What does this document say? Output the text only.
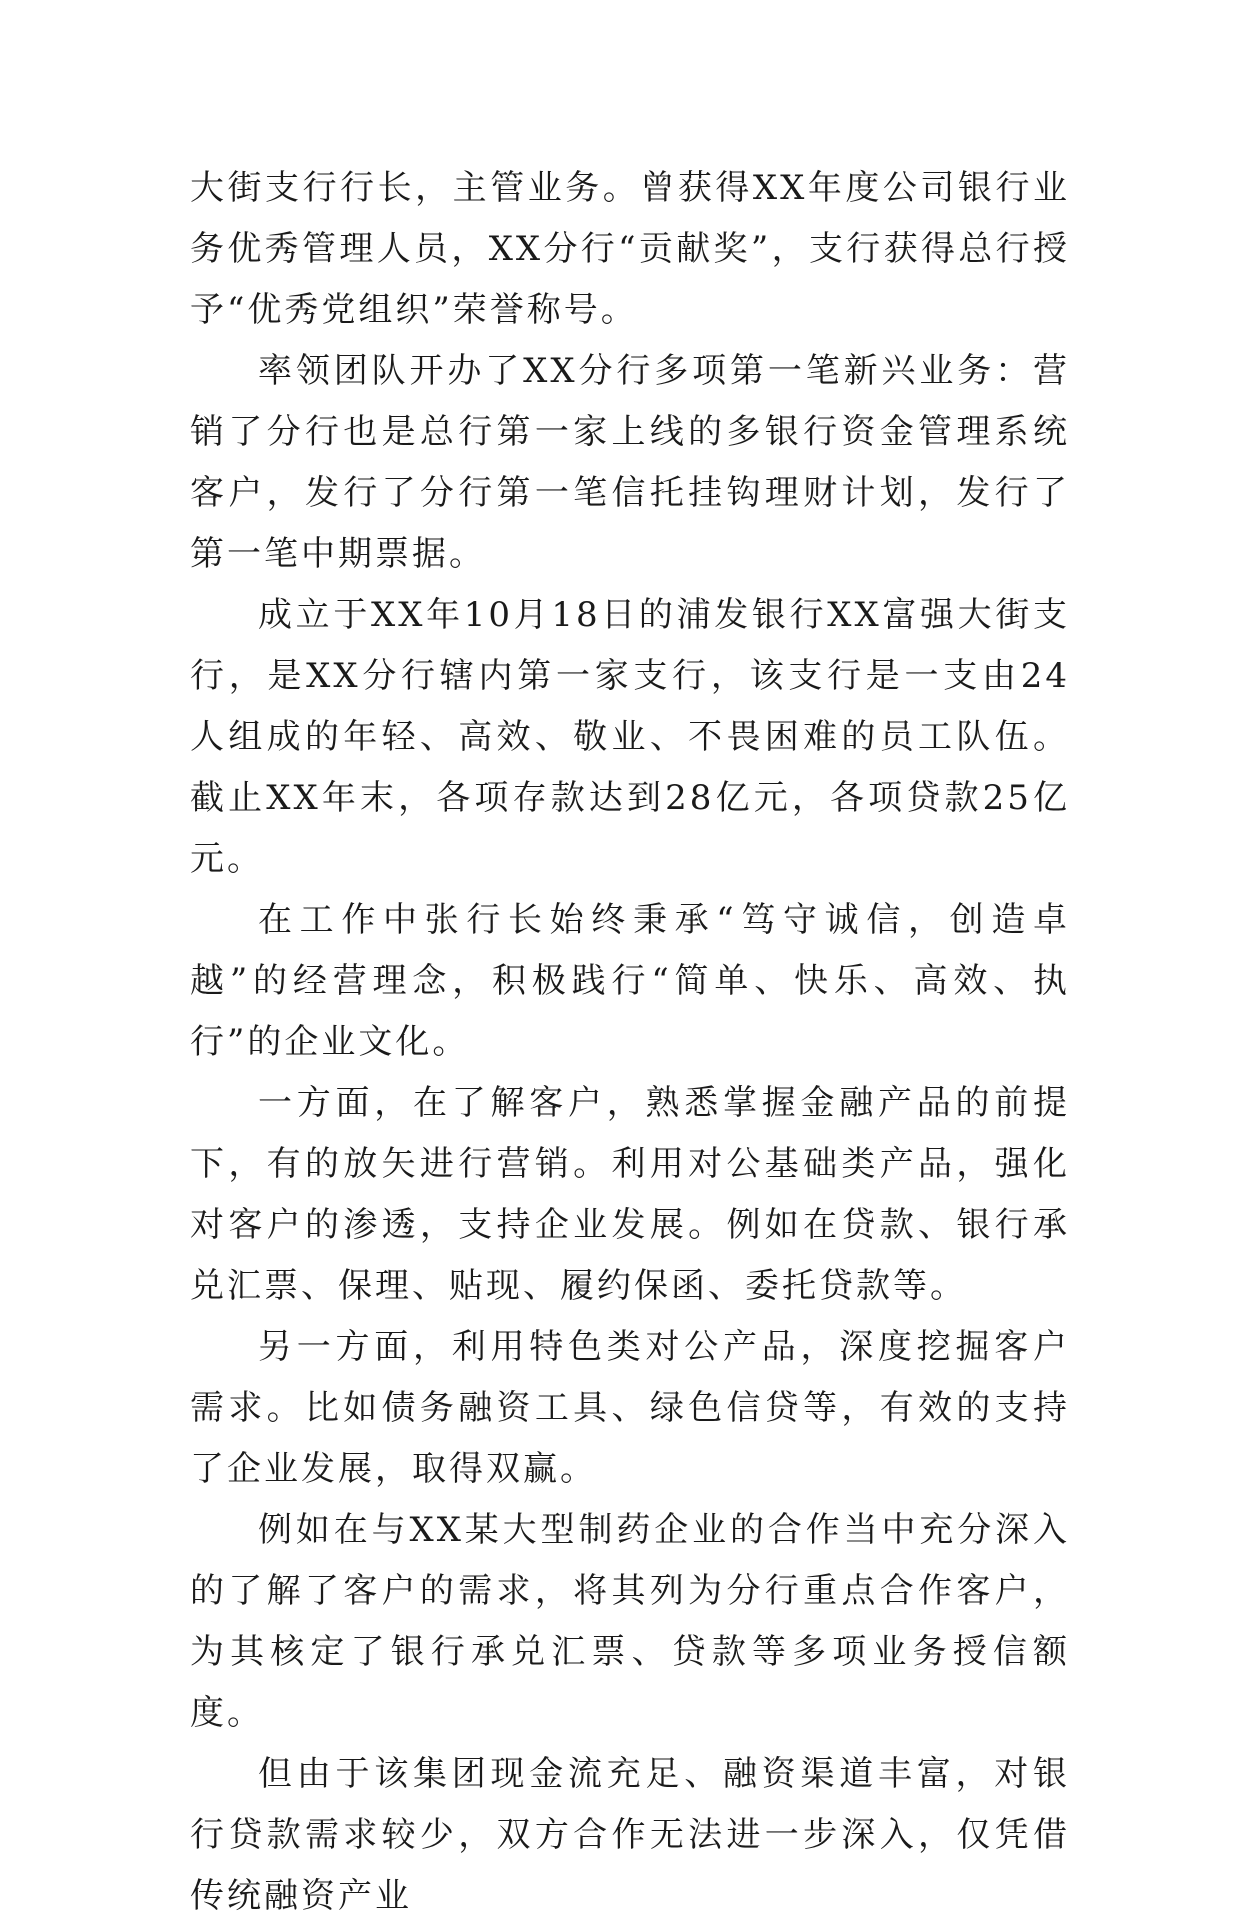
大街支行行长，主管业务。曾获得XX年度公司银行业务优秀管理人员，XX分行“贡献奖”，支行获得总行授予“优秀党组织”荣誉称号。

率领团队开办了XX分行多项第一笔新兴业务：营销了分行也是总行第一家上线的多银行资金管理系统客户，发行了分行第一笔信托挂钩理财计划，发行了第一笔中期票据。

成立于XX年10月18日的浦发银行XX富强大街支行，是XX分行辖内第一家支行，该支行是一支由24人组成的年轻、高效、敬业、不畏困难的员工队伍。截止XX年末，各项存款达到28亿元，各项贷款25亿元。

在工作中张行长始终秉承“笃守诚信，创造卓越”的经营理念，积极践行“简单、快乐、高效、执行”的企业文化。

一方面，在了解客户，熟悉掌握金融产品的前提下，有的放矢进行营销。利用对公基础类产品，强化对客户的渗透，支持企业发展。例如在贷款、银行承兑汇票、保理、贴现、履约保函、委托贷款等。

另一方面，利用特色类对公产品，深度挖掘客户需求。比如债务融资工具、绿色信贷等，有效的支持了企业发展，取得双赢。

例如在与XX某大型制药企业的合作当中充分深入的了解了客户的需求，将其列为分行重点合作客户，为其核定了银行承兑汇票、贷款等多项业务授信额度。

但由于该集团现金流充足、融资渠道丰富，对银行贷款需求较少，双方合作无法进一步深入，仅凭借传统融资产业
